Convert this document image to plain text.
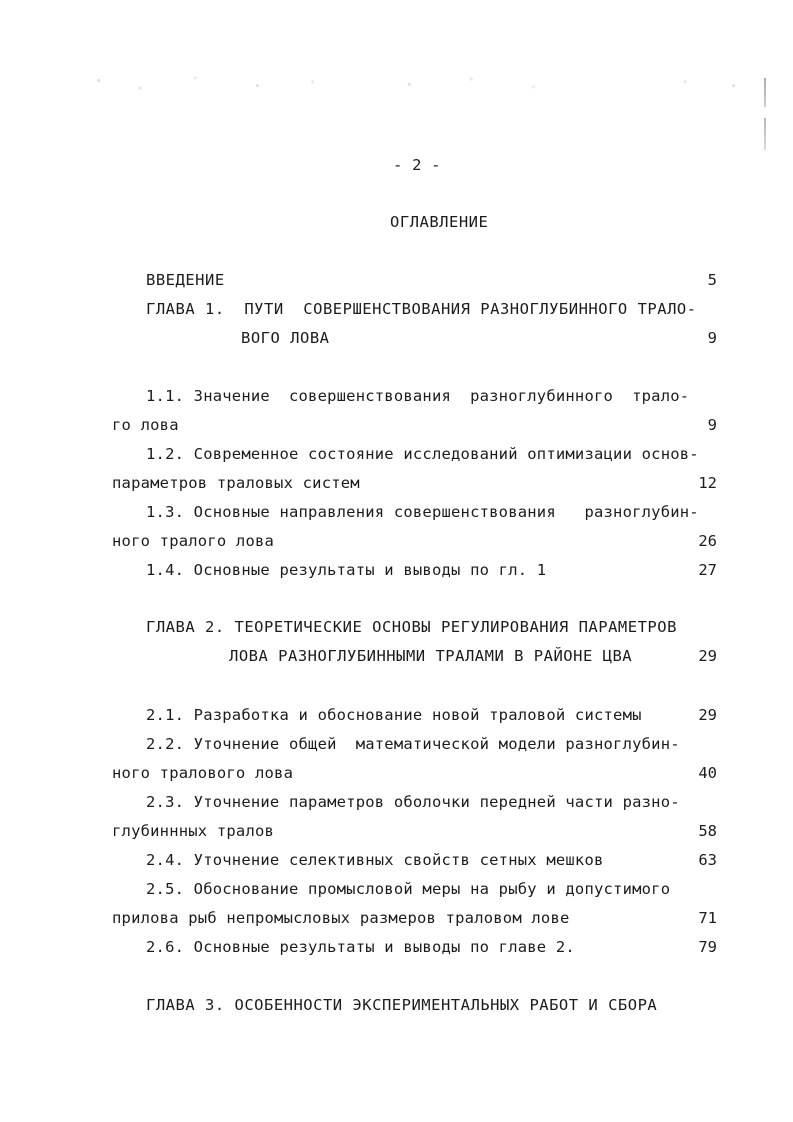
- 2 -
ОГЛАВЛЕНИЕ
ВВЕДЕНИЕ	5
ГЛАВА 1.  ПУТИ  СОВЕРШЕНСТВОВАНИЯ РАЗНОГЛУБИННОГО ТРАЛО-
ВОГО ЛОВА	9
1.1. Значение  совершенствования  разноглубинного  трало-
го лова	9
1.2. Современное состояние исследований оптимизации основ-
параметров траловых систем	12
1.3. Основные направления совершенствования   разноглубин-
ного тралого лова	26
1.4. Основные результаты и выводы по гл. 1	27
ГЛАВА 2. ТЕОРЕТИЧЕСКИЕ ОСНОВЫ РЕГУЛИРОВАНИЯ ПАРАМЕТРОВ
ЛОВА РАЗНОГЛУБИННЫМИ ТРАЛАМИ В РАЙОНЕ ЦВА	29
2.1. Разработка и обоснование новой траловой системы	29
2.2. Уточнение общей  математической модели разноглубин-
ного тралового лова	40
2.3. Уточнение параметров оболочки передней части разно-
глубиннных тралов	58
2.4. Уточнение селективных свойств сетных мешков	63
2.5. Обоснование промысловой меры на рыбу и допустимого
прилова рыб непромысловых размеров траловом лове	71
2.6. Основные результаты и выводы по главе 2.	79
ГЛАВА 3. ОСОБЕННОСТИ ЭКСПЕРИМЕНТАЛЬНЫХ РАБОТ И СБОРА
